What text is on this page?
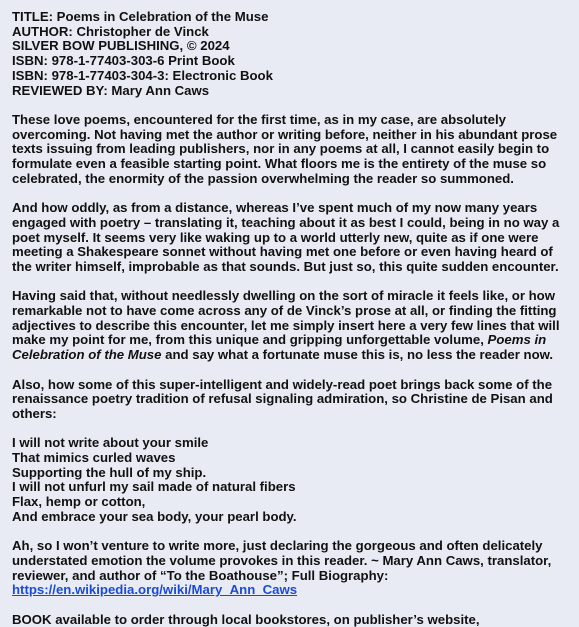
TITLE: Poems in Celebration of the Muse
AUTHOR: Christopher de Vinck
SILVER BOW PUBLISHING, © 2024
ISBN: 978-1-77403-303-6 Print Book
ISBN: 978-1-77403-304-3: Electronic Book
REVIEWED BY: Mary Ann Caws

These love poems, encountered for the first time, as in my case, are absolutely overcoming. Not having met the author or writing before, neither in his abundant prose texts issuing from leading publishers, nor in any poems at all, I cannot easily begin to formulate even a feasible starting point. What floors me is the entirety of the muse so celebrated, the enormity of the passion overwhelming the reader so summoned.

And how oddly, as from a distance, whereas I’ve spent much of my now many years engaged with poetry – translating it, teaching about it as best I could, being in no way a poet myself. It seems very like waking up to a world utterly new, quite as if one were meeting a Shakespeare sonnet without having met one before or even having heard of the writer himself, improbable as that sounds. But just so, this quite sudden encounter.

Having said that, without needlessly dwelling on the sort of miracle it feels like, or how remarkable not to have come across any of de Vinck’s prose at all, or finding the fitting adjectives to describe this encounter, let me simply insert here a very few lines that will make my point for me, from this unique and gripping unforgettable volume, Poems in Celebration of the Muse and say what a fortunate muse this is, no less the reader now.

Also, how some of this super-intelligent and widely-read poet brings back some of the renaissance poetry tradition of refusal signaling admiration, so Christine de Pisan and others:

I will not write about your smile
That mimics curled waves
Supporting the hull of my ship.
I will not unfurl my sail made of natural fibers
Flax, hemp or cotton,
And embrace your sea body, your pearl body.

Ah, so I won’t venture to write more, just declaring the gorgeous and often delicately understated emotion the volume provokes in this reader. ~ Mary Ann Caws, translator, reviewer, and author of “To the Boathouse”; Full Biography: https://en.wikipedia.org/wiki/Mary_Ann_Caws

BOOK available to order through local bookstores, on publisher’s website,
